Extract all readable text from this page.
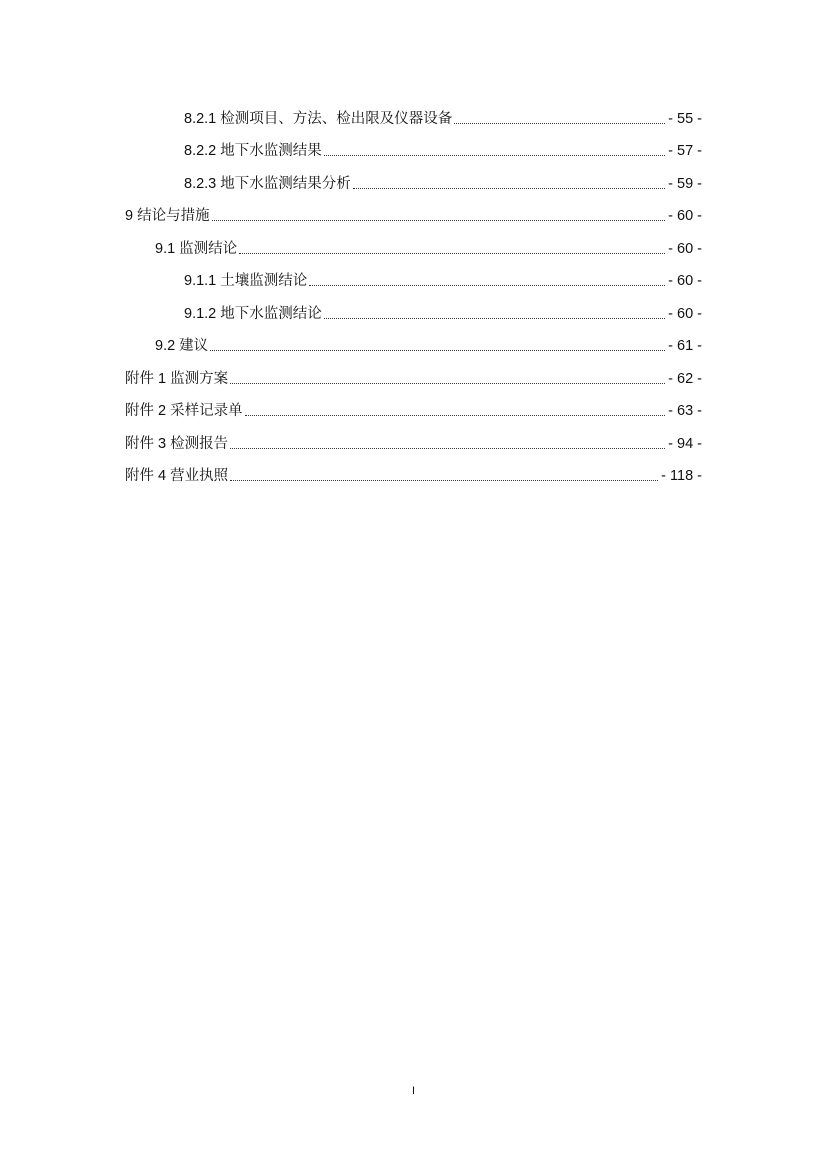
8.2.1 检测项目、方法、检出限及仪器设备	- 55 -
8.2.2 地下水监测结果	- 57 -
8.2.3 地下水监测结果分析	- 59 -
9 结论与措施	- 60 -
9.1 监测结论	- 60 -
9.1.1 土壤监测结论	- 60 -
9.1.2 地下水监测结论	- 60 -
9.2 建议	- 61 -
附件 1 监测方案	- 62 -
附件 2 采样记录单	- 63 -
附件 3 检测报告	- 94 -
附件 4 营业执照	- 118 -
I
